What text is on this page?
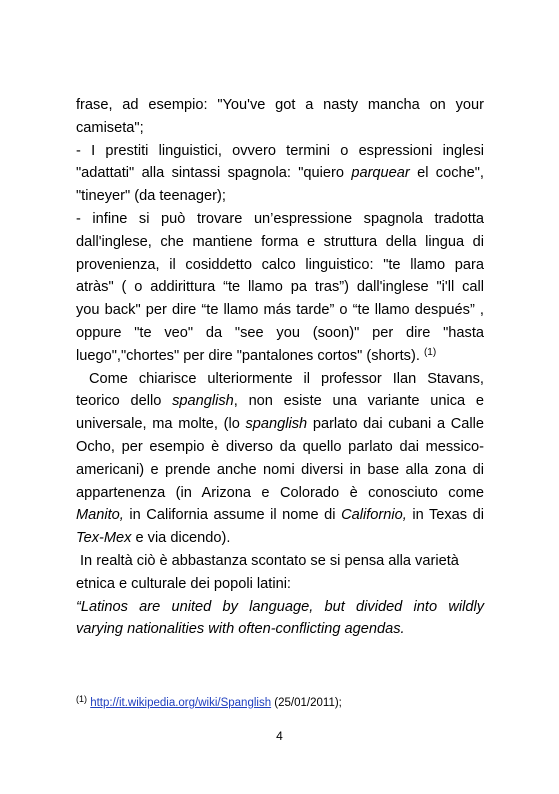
frase, ad esempio: "You've got a nasty mancha on your
camiseta";
- I prestiti linguistici, ovvero termini o espressioni inglesi
"adattati" alla sintassi spagnola: "quiero parquear el coche",
"tineyer" (da teenager);
- infine si può trovare un’espressione spagnola tradotta
dall'inglese, che mantiene forma e struttura della lingua di
provenienza, il cosiddetto calco linguistico: "te llamo para
atràs" ( o addirittura “te llamo pa tras”) dall'inglese "i'll call
you back" per dire “te llamo más tarde” o “te llamo después” ,
oppure "te veo" da "see you (soon)" per dire "hasta
luego","chortes" per dire "pantalones cortos" (shorts). $^{(1)}$
Come chiarisce ulteriormente il professor Ilan Stavans,
teorico dello spanglish, non esiste una variante unica e
universale, ma molte, (lo spanglish parlato dai cubani a Calle
Ocho, per esempio è diverso da quello parlato dai messico-
americani) e prende anche nomi diversi in base alla zona di
appartenenza (in Arizona e Colorado è conosciuto come
Manito, in California assume il nome di Californio, in Texas di
Tex-Mex e via dicendo).
In realtà ciò è abbastanza scontato se si pensa alla varietà
etnica e culturale dei popoli latini:
“Latinos are united by language, but divided into wildly
varying nationalities with often-conflicting agendas.
$^{(1)}$ http://it.wikipedia.org/wiki/Spanglish (25/01/2011);
4
